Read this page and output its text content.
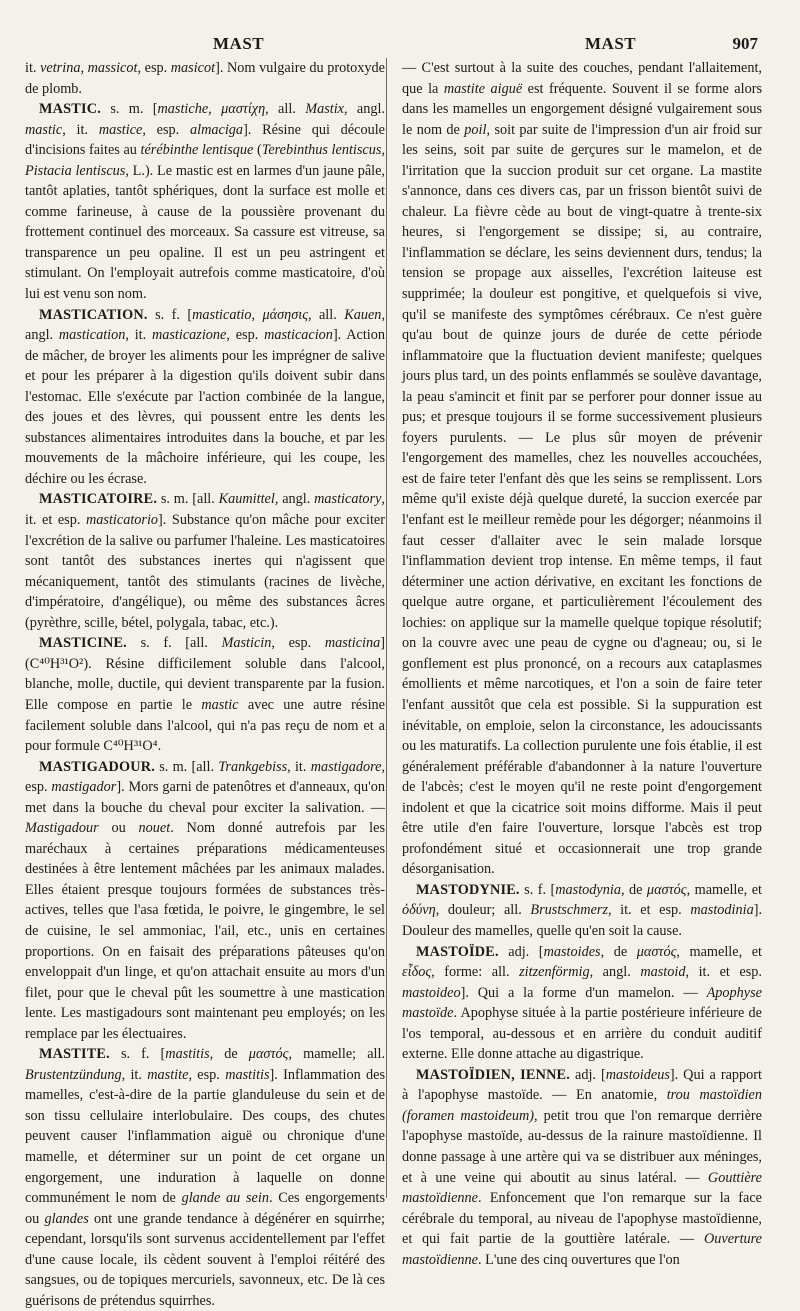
MAST	MAST	907

it. vetrina, massicot, esp. masicot]. Nom vulgaire du protoxyde de plomb.

MASTIC. s. m. [mastiche, μαστίχη, all. Mastix, angl. mastic, it. mastice, esp. almaciga]. Résine qui découle d'incisions faites au térébinthe lentisque (Terebinthus lentiscus, Pistacia lentiscus, L.). Le mastic est en larmes d'un jaune pâle, tantôt aplaties, tantôt sphériques, dont la surface est molle et comme farineuse, à cause de la poussière provenant du frottement continuel des morceaux. Sa cassure est vitreuse, sa transparence un peu opaline. Il est un peu astringent et stimulant. On l'employait autrefois comme masticatoire, d'où lui est venu son nom.

MASTICATION. s. f. [masticatio, μάσησις, all. Kauen, angl. mastication, it. masticazione, esp. masticacion]. Action de mâcher, de broyer les aliments pour les imprégner de salive et pour les préparer à la digestion qu'ils doivent subir dans l'estomac. Elle s'exécute par l'action combinée de la langue, des joues et des lèvres, qui poussent entre les dents les substances alimentaires introduites dans la bouche, et par les mouvements de la mâchoire inférieure, qui les coupe, les déchire ou les écrase.

MASTICATOIRE. s. m. [all. Kaumittel, angl. masticatory, it. et esp. masticatorio]. Substance qu'on mâche pour exciter l'excrétion de la salive ou parfumer l'haleine. Les masticatoires sont tantôt des substances inertes qui n'agissent que mécaniquement, tantôt des stimulants (racines de livèche, d'impératoire, d'angélique), ou même des substances âcres (pyrèthre, scille, bétel, polygala, tabac, etc.).

MASTICINE. s. f. [all. Masticin, esp. masticina] (C⁴⁰H³¹O²). Résine difficilement soluble dans l'alcool, blanche, molle, ductile, qui devient transparente par la fusion. Elle compose en partie le mastic avec une autre résine facilement soluble dans l'alcool, qui n'a pas reçu de nom et a pour formule C⁴⁰H³¹O⁴.

MASTIGADOUR. s. m. [all. Trankgebiss, it. mastigadore, esp. mastigador]. Mors garni de patenôtres et d'anneaux, qu'on met dans la bouche du cheval pour exciter la salivation. — Mastigadour ou nouet. Nom donné autrefois par les maréchaux à certaines préparations médicamenteuses destinées à être lentement mâchées par les animaux malades. Elles étaient presque toujours formées de substances très-actives, telles que l'asa fœtida, le poivre, le gingembre, le sel de cuisine, le sel ammoniac, l'ail, etc., unis en certaines proportions. On en faisait des préparations pâteuses qu'on enveloppait d'un linge, et qu'on attachait ensuite au mors d'un filet, pour que le cheval pût les soumettre à une mastication lente. Les mastigadours sont maintenant peu employés; on les remplace par les électuaires.

MASTITE. s. f. [mastitis, de μαστός, mamelle; all. Brustentzündung, it. mastite, esp. mastitis]. Inflammation des mamelles, c'est-à-dire de la partie glanduleuse du sein et de son tissu cellulaire interlobulaire. Des coups, des chutes peuvent causer l'inflammation aiguë ou chronique d'une mamelle, et déterminer sur un point de cet organe un engorgement, une induration à laquelle on donne communément le nom de glande au sein. Ces engorgements ou glandes ont une grande tendance à dégénérer en squirrhe; cependant, lorsqu'ils sont survenus accidentellement par l'effet d'une cause locale, ils cèdent souvent à l'emploi réitéré des sangsues, ou de topiques mercuriels, savonneux, etc. De là ces guérisons de prétendus squirrhes.

— C'est surtout à la suite des couches, pendant l'allaitement, que la mastite aiguë est fréquente. Souvent il se forme alors dans les mamelles un engorgement désigné vulgairement sous le nom de poil, soit par suite de l'impression d'un air froid sur les seins, soit par suite de gerçures sur le mamelon, et de l'irritation que la succion produit sur cet organe. La mastite s'annonce, dans ces divers cas, par un frisson bientôt suivi de chaleur. La fièvre cède au bout de vingt-quatre à trente-six heures, si l'engorgement se dissipe; si, au contraire, l'inflammation se déclare, les seins deviennent durs, tendus; la tension se propage aux aisselles, l'excrétion laiteuse est supprimée; la douleur est pongitive, et quelquefois si vive, qu'il se manifeste des symptômes cérébraux. Ce n'est guère qu'au bout de quinze jours de durée de cette période inflammatoire que la fluctuation devient manifeste; quelques jours plus tard, un des points enflammés se soulève davantage, la peau s'amincit et finit par se perforer pour donner issue au pus; et presque toujours il se forme successivement plusieurs foyers purulents. — Le plus sûr moyen de prévenir l'engorgement des mamelles, chez les nouvelles accouchées, est de faire teter l'enfant dès que les seins se remplissent. Lors même qu'il existe déjà quelque dureté, la succion exercée par l'enfant est le meilleur remède pour les dégorger; néanmoins il faut cesser d'allaiter avec le sein malade lorsque l'inflammation devient trop intense. En même temps, il faut déterminer une action dérivative, en excitant les fonctions de quelque autre organe, et particulièrement l'écoulement des lochies: on applique sur la mamelle quelque topique résolutif; on la couvre avec une peau de cygne ou d'agneau; ou, si le gonflement est plus prononcé, on a recours aux cataplasmes émollients et même narcotiques, et l'on a soin de faire teter l'enfant aussitôt que cela est possible. Si la suppuration est inévitable, on emploie, selon la circonstance, les adoucissants ou les maturatifs. La collection purulente une fois établie, il est généralement préférable d'abandonner à la nature l'ouverture de l'abcès; c'est le moyen qu'il ne reste point d'engorgement indolent et que la cicatrice soit moins difforme. Mais il peut être utile d'en faire l'ouverture, lorsque l'abcès est trop profondément situé et occasionnerait une trop grande désorganisation.

MASTODYNIE. s. f. [mastodynia, de μαστός, mamelle, et ὀδύνη, douleur; all. Brustschmerz, it. et esp. mastodinia]. Douleur des mamelles, quelle qu'en soit la cause.

MASTOÏDE. adj. [mastoides, de μαστός, mamelle, et εἶδος, forme: all. zitzenförmig, angl. mastoid, it. et esp. mastoideo]. Qui a la forme d'un mamelon. — Apophyse mastoïde. Apophyse située à la partie postérieure inférieure de l'os temporal, au-dessous et en arrière du conduit auditif externe. Elle donne attache au digastrique.

MASTOÏDIEN, IENNE. adj. [mastoideus]. Qui a rapport à l'apophyse mastoïde. — En anatomie, trou mastoïdien (foramen mastoideum), petit trou que l'on remarque derrière l'apophyse mastoïde, au-dessus de la rainure mastoïdienne. Il donne passage à une artère qui va se distribuer aux méninges, et à une veine qui aboutit au sinus latéral. — Gouttière mastoïdienne. Enfoncement que l'on remarque sur la face cérébrale du temporal, au niveau de l'apophyse mastoïdienne, et qui fait partie de la gouttière latérale. — Ouverture mastoïdienne. L'une des cinq ouvertures que l'on
